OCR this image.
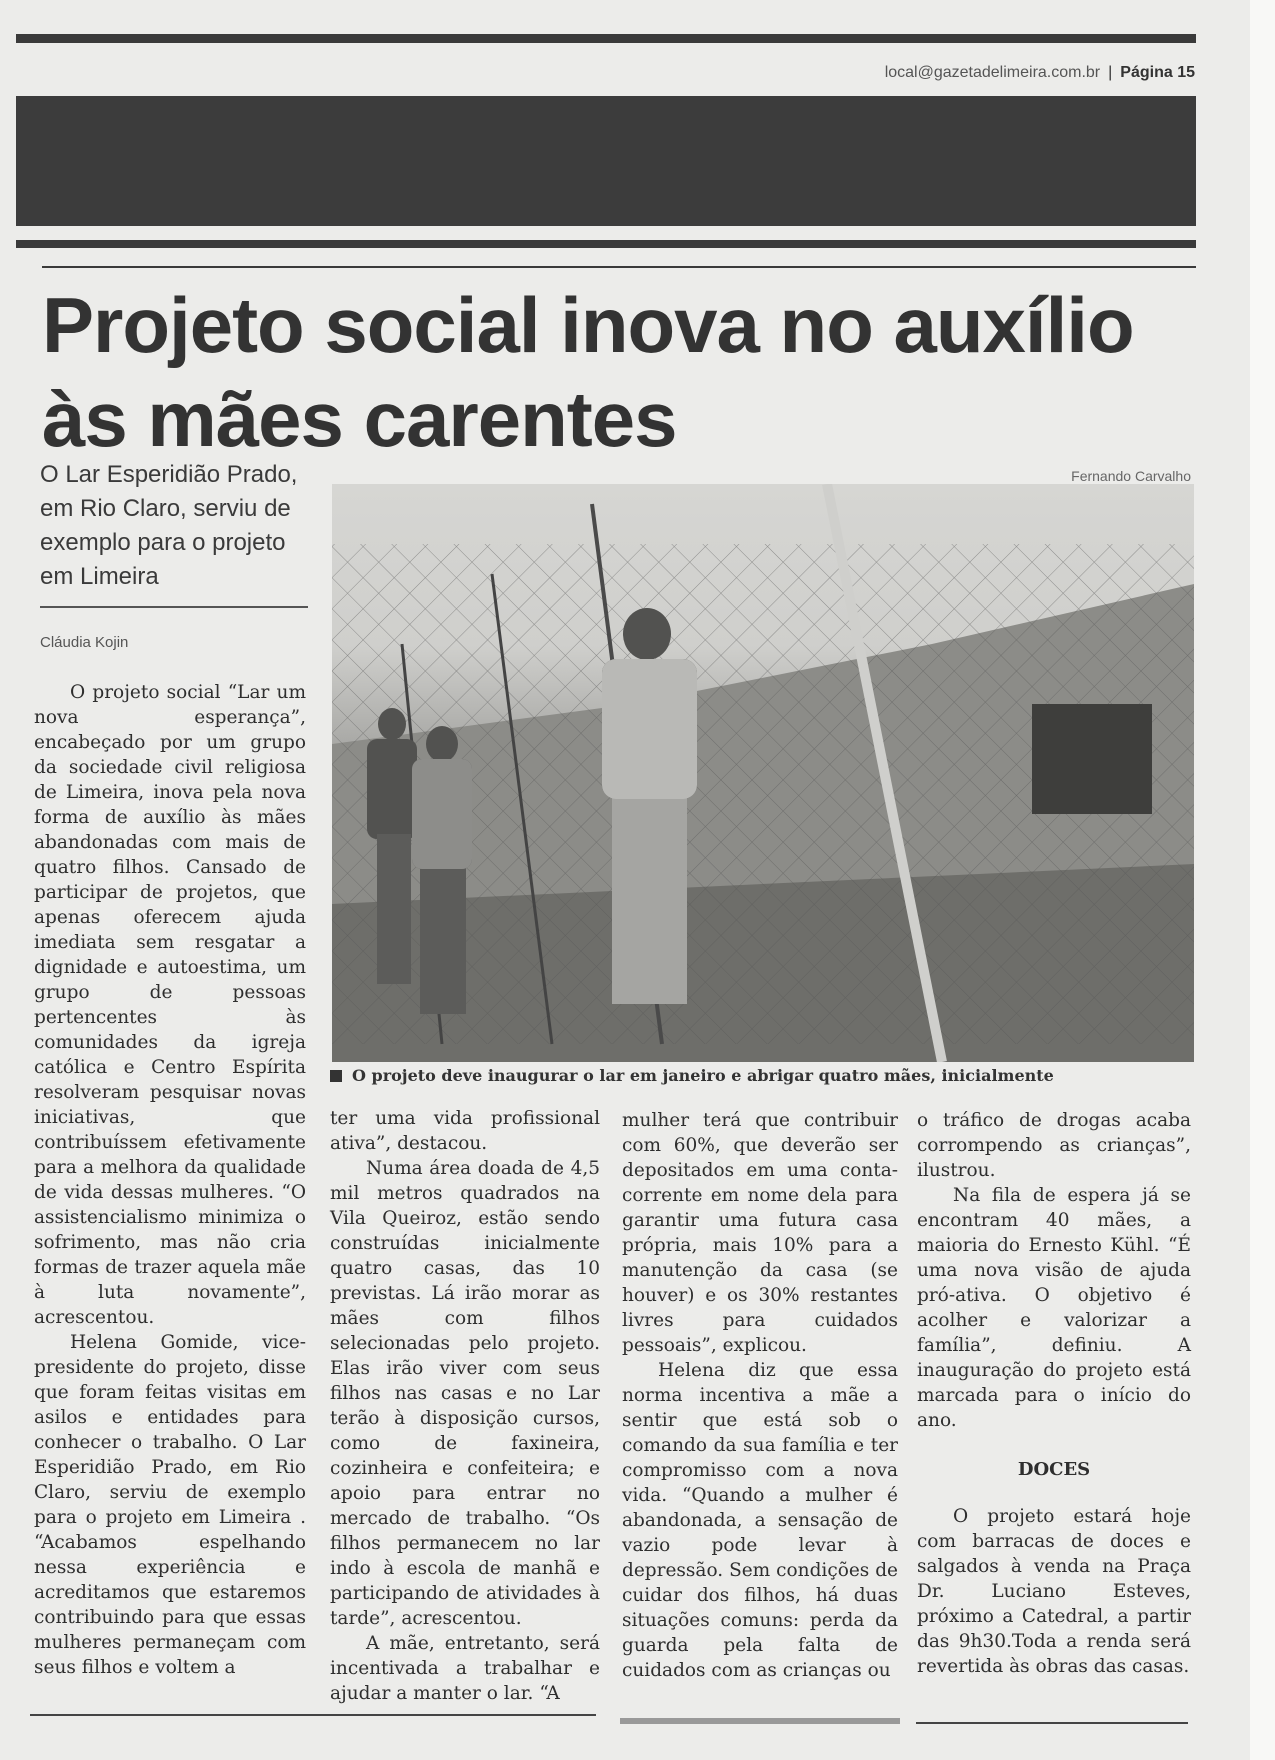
local@gazetadelimeira.com.br | Página 15
Projeto social inova no auxílio às mães carentes

O Lar Esperidião Prado, em Rio Claro, serviu de exemplo para o projeto em Limeira

Cláudia Kojin
Fernando Carvalho
O projeto deve inaugurar o lar em janeiro e abrigar quatro mães, inicialmente

O projeto social “Lar um nova esperança”, encabeçado por um grupo da sociedade civil religiosa de Limeira, inova pela nova forma de auxílio às mães abandonadas com mais de quatro filhos. Cansado de participar de projetos, que apenas oferecem ajuda imediata sem resgatar a dignidade e autoestima, um grupo de pessoas pertencentes às comunidades da igreja católica e Centro Espírita resolveram pesquisar novas iniciativas, que contribuíssem efetivamente para a melhora da qualidade de vida dessas mulheres. “O assistencialismo minimiza o sofrimento, mas não cria formas de trazer aquela mãe à luta novamente”, acrescentou.

Helena Gomide, vice-presidente do projeto, disse que foram feitas visitas em asilos e entidades para conhecer o trabalho. O Lar Esperidião Prado, em Rio Claro, serviu de exemplo para o projeto em Limeira . “Acabamos espelhando nessa experiência e acreditamos que estaremos contribuindo para que essas mulheres permaneçam com seus filhos e voltem a

ter uma vida profissional ativa”, destacou.

Numa área doada de 4,5 mil metros quadrados na Vila Queiroz, estão sendo construídas inicialmente quatro casas, das 10 previstas. Lá irão morar as mães com filhos selecionadas pelo projeto. Elas irão viver com seus filhos nas casas e no Lar terão à disposição cursos, como de faxineira, cozinheira e confeiteira; e apoio para entrar no mercado de trabalho. “Os filhos permanecem no lar indo à escola de manhã e participando de atividades à tarde”, acrescentou.

A mãe, entretanto, será incentivada a trabalhar e ajudar a manter o lar. “A

mulher terá que contribuir com 60%, que deverão ser depositados em uma conta-corrente em nome dela para garantir uma futura casa própria, mais 10% para a manutenção da casa (se houver) e os 30% restantes livres para cuidados pessoais”, explicou.

Helena diz que essa norma incentiva a mãe a sentir que está sob o comando da sua família e ter compromisso com a nova vida. “Quando a mulher é abandonada, a sensação de vazio pode levar à depressão. Sem condições de cuidar dos filhos, há duas situações comuns: perda da guarda pela falta de cuidados com as crianças ou

o tráfico de drogas acaba corrompendo as crianças”, ilustrou.

Na fila de espera já se encontram 40 mães, a maioria do Ernesto Kühl. “É uma nova visão de ajuda pró-ativa. O objetivo é acolher e valorizar a família”, definiu. A inauguração do projeto está marcada para o início do ano.

DOCES

O projeto estará hoje com barracas de doces e salgados à venda na Praça Dr. Luciano Esteves, próximo a Catedral, a partir das 9h30.Toda a renda será revertida às obras das casas.
